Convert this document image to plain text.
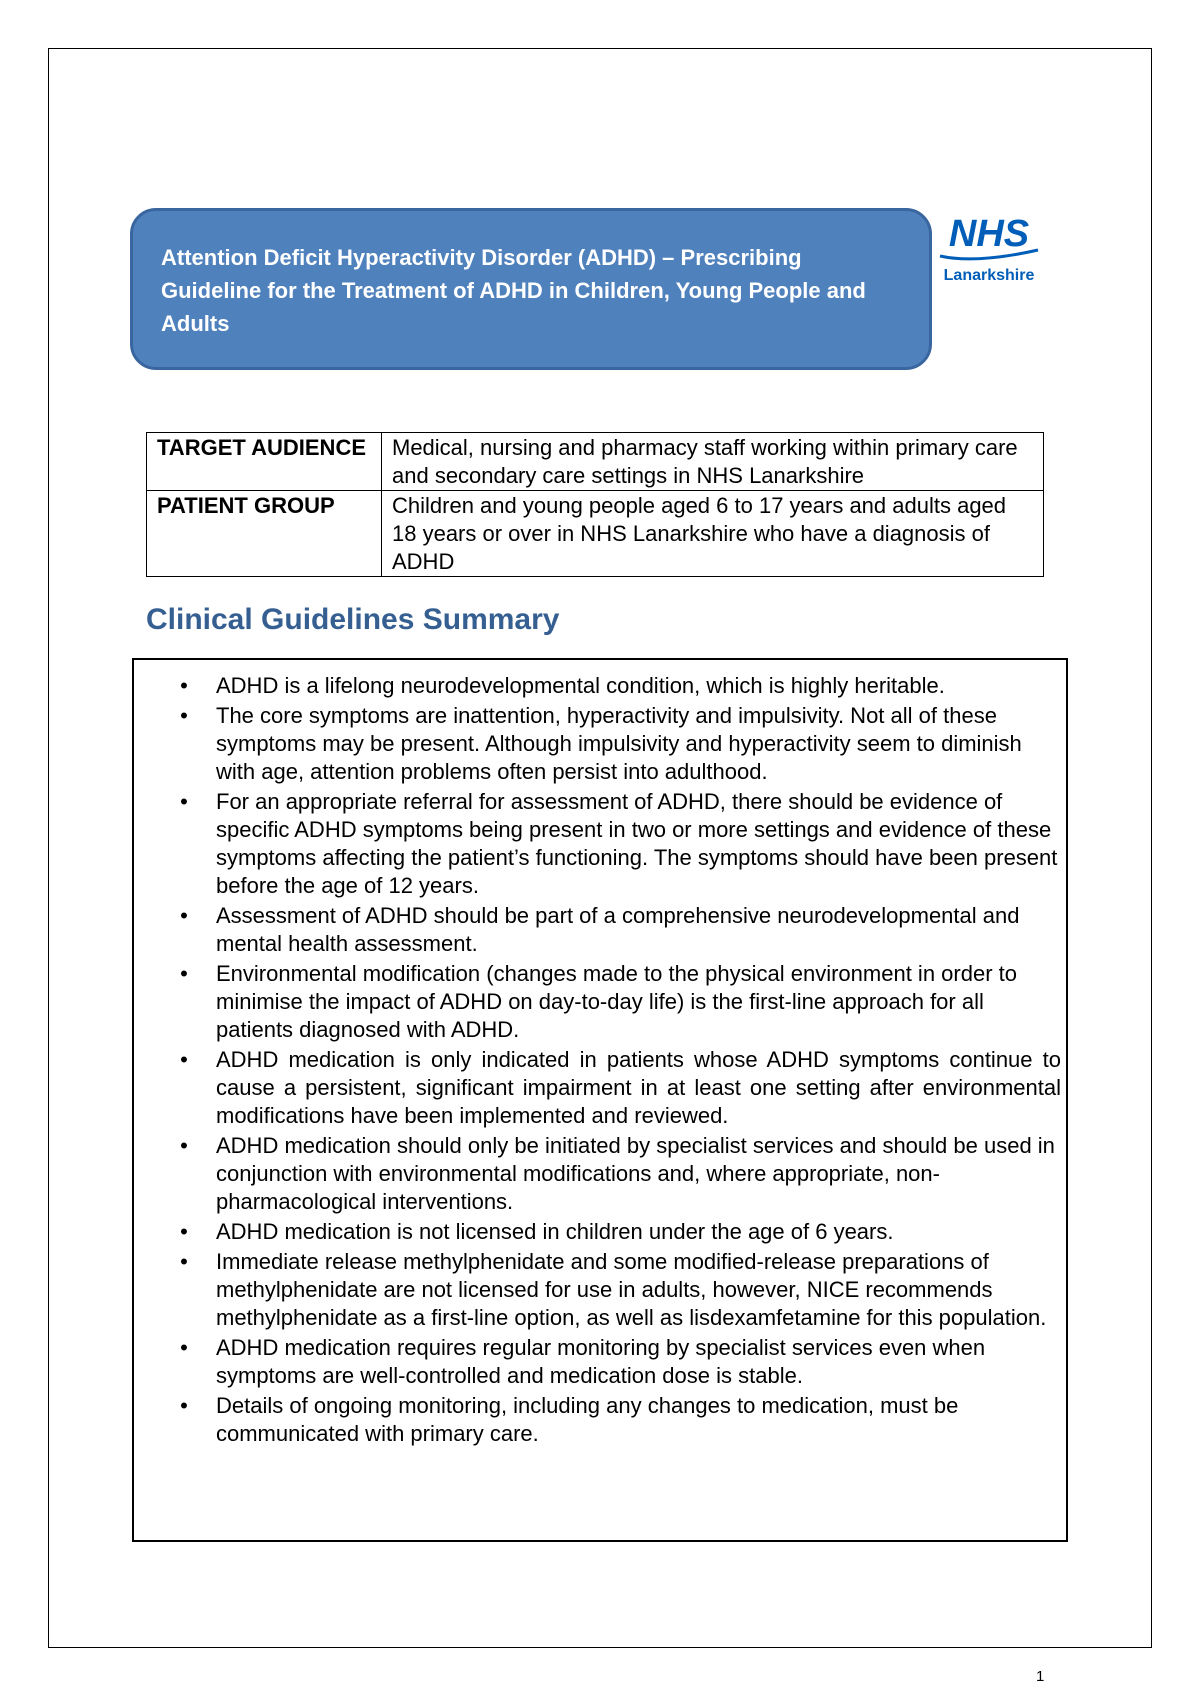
Attention Deficit Hyperactivity Disorder (ADHD) – Prescribing Guideline for the Treatment of ADHD in Children, Young People and Adults

NHS
Lanarkshire
TARGET AUDIENCE	Medical, nursing and pharmacy staff working within primary care and secondary care settings in NHS Lanarkshire
PATIENT GROUP	Children and young people aged 6 to 17 years and adults aged 18 years or over in NHS Lanarkshire who have a diagnosis of ADHD
Clinical Guidelines Summary
• ADHD is a lifelong neurodevelopmental condition, which is highly heritable.
• The core symptoms are inattention, hyperactivity and impulsivity. Not all of these symptoms may be present. Although impulsivity and hyperactivity seem to diminish with age, attention problems often persist into adulthood.
• For an appropriate referral for assessment of ADHD, there should be evidence of specific ADHD symptoms being present in two or more settings and evidence of these symptoms affecting the patient’s functioning. The symptoms should have been present before the age of 12 years.
• Assessment of ADHD should be part of a comprehensive neurodevelopmental and mental health assessment.
• Environmental modification (changes made to the physical environment in order to minimise the impact of ADHD on day-to-day life) is the first-line approach for all patients diagnosed with ADHD.
• ADHD medication is only indicated in patients whose ADHD symptoms continue to cause a persistent, significant impairment in at least one setting after environmental modifications have been implemented and reviewed.
• ADHD medication should only be initiated by specialist services and should be used in conjunction with environmental modifications and, where appropriate, non-pharmacological interventions.
• ADHD medication is not licensed in children under the age of 6 years.
• Immediate release methylphenidate and some modified-release preparations of methylphenidate are not licensed for use in adults, however, NICE recommends methylphenidate as a first-line option, as well as lisdexamfetamine for this population.
• ADHD medication requires regular monitoring by specialist services even when symptoms are well-controlled and medication dose is stable.
• Details of ongoing monitoring, including any changes to medication, must be communicated with primary care.
1
